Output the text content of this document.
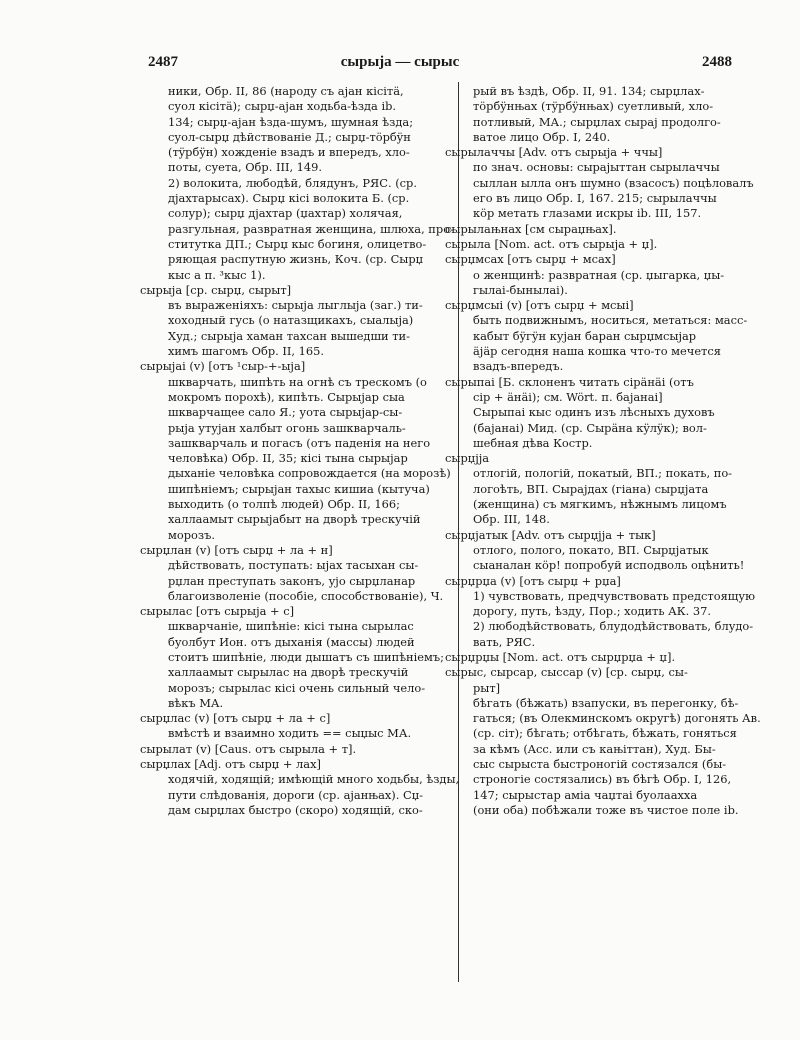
2487	сырыја — сырыс	2488
ники, Обр. II, 86 (народу съ ајан кiсiтä,
суол кiсiтä); сырџ-ајан ходьба-ѣзда ib.
134; сырџ-ајан ѣзда-шумъ, шумная ѣзда;
суол-сырџ дѣйствованiе Д.; сырџ-тöрбÿн
(тÿрбÿн) хожденiе взадъ и впередъ, хло-
поты, суета, Обр. III, 149.
2) волокита, любодѣй, блядунъ, РЯС. (ср.
дјахтарысах). Сырџ кiсi волокита Б. (ср.
солур); сырџ дјахтар (џахтар) холячая,
разгульная, развратная женщина, шлюха, про-
ститутка ДП.; Сырџ кыс богиня, олицетво-
ряющая распутную жизнь, Коч. (ср. Сырџ
кыс а п. ³кыс 1).
сырыја [ср. сырџ, сырыт]
въ выраженiяхъ: сырыја лыглыја (заг.) ти-
хоходный гусь (о натазщикахъ, сыалыја)
Худ.; сырыја хаман тахсан вышедши ти-
химъ шагомъ Обр. II, 165.
сырыјаi (v) [отъ ¹сыр-+-ыја]
шкварчать, шипѣть на огнѣ съ трескомъ (о
мокромъ порохѣ), кипѣть. Сырыјар сыа
шкварчащее сало Я.; уота сырыјар-сы-
рыја утујан халбыт огонь зашкварчаль-
зашкварчаль и погасъ (отъ паденiя на него
человѣка) Обр. II, 35; кiсi тына сырыјар
дыханiе человѣка сопровождается (на морозѣ)
шипѣнiемъ; сырыјан тахыс кишиа (кытуча)
выходить (о толпѣ людей) Обр. II, 166;
халлаамыт сырыјабыт на дворѣ трескучiй
морозъ.
сырџлан (v) [отъ сырџ + ла + н]
дѣйствовать, поступать: ыјах тасыхан сы-
рџлан преступать законъ, ујо сырџланар
благоизволенiе (пособiе, способствованiе), Ч.
сырылас [отъ сырыја + с]
шкварчанiе, шипѣнiе: кiсi тына сырылас
буолбут Ион. отъ дыханiя (массы) людей
стоитъ шипѣнiе, люди дышатъ съ шипѣнiемъ;
халлаамыт сырылас на дворѣ трескучiй
морозъ; сырылас кiсi очень сильный чело-
вѣкъ МА.
сырџлас (v) [отъ сырџ + ла + с]
вмѣстѣ и взаимно ходить == сыџыс МА.
сырылат (v) [Caus. отъ сырыла + т].
сырџлах [Adj. отъ сырџ + лах]
ходячiй, ходящiй; имѣющiй много ходьбы, ѣзды,
пути слѣдованiя, дороги (ср. ајанњах). Сџ-
дам сырџлах быстро (скоро) ходящiй, ско-
рый въ ѣздѣ, Обр. II, 91. 134; сырџлах-
тöрбÿнњах (тÿрбÿнњах) суетливый, хло-
потливый, МА.; сырџлах сырај продолго-
ватое лицо Обр. I, 240.
сырылаччы [Adv. отъ сырыја + ччы]
по знач. основы: сырајыттан сырылаччы
сыллан ылла онъ шумно (взасосъ) поцѣловалъ
его въ лицо Обр. I, 167. 215; сырылаччы
кöр метать глазами искры ib. III, 157.
сырылањнах [см сыраџњах].
сырыла [Nom. act. отъ сырыја + џ].
сырџмсах [отъ сырџ + мсах]
о женщинѣ: развратная (ср. џыгарка, џы-
гылаi-бынылаi).
сырџмсыi (v) [отъ сырџ + мсыi]
быть подвижнымъ, носиться, метаться: масс-
кабыт бÿгÿн кујан баран сырџмсыјар
äјäр сегодня наша кошка что-то мечется
взадъ-впередъ.
сырыпаi [Б. склоненъ читать сiрäнäi (отъ
сiр + äнäi); см. Wört. п. бајанаi]
Сырыпаi кыс одинъ изъ лѣсныхъ духовъ
(бајанаi) Мид. (ср. Сырäна кÿлÿк); вол-
шебная дѣва Костр.
сырџјја
отлогiй, пологiй, покатый, ВП.; покать, по-
логоѣть, ВП. Сыраjдах (гiана) сырџјата
(женщина) съ мягкимъ, нѣжнымъ лицомъ
Обр. III, 148.
сырџјатык [Adv. отъ сырџјја + тык]
отлого, полого, покато, ВП. Сырџјатык
сыаналан кöр! попробуй исподволь оцѣнить!
сырџрџа (v) [отъ сырџ + рџа]
1) чувствовать, предчувствовать предстоящую
дорогу, путь, ѣзду, Пор.; ходить АК. 37.
2) любодѣйствовать, блудодѣйствовать, блудо-
вать, РЯС.
сырџрџы [Nom. act. отъ сырџрџа + џ].
сырыс, сырсар, сыссар (v) [ср. сырџ, сы-
рыт]
бѣгать (бѣжать) взапуски, въ перегонку, бѣ-
гаться; (въ Олекминскомъ округѣ) догонять Ав.
(ср. сiт); бѣгать; отбѣгать, бѣжать, гоняться
за кѣмъ (Acc. или съ кањiттан), Худ. Бы-
сыс сырыста быстроногiй состязался (бы-
строногiе состязались) въ бѣгѣ Обр. I, 126,
147; сырыстар амiа чаџтаi буолаахха
(они оба) побѣжали тоже въ чистое поле ib.
